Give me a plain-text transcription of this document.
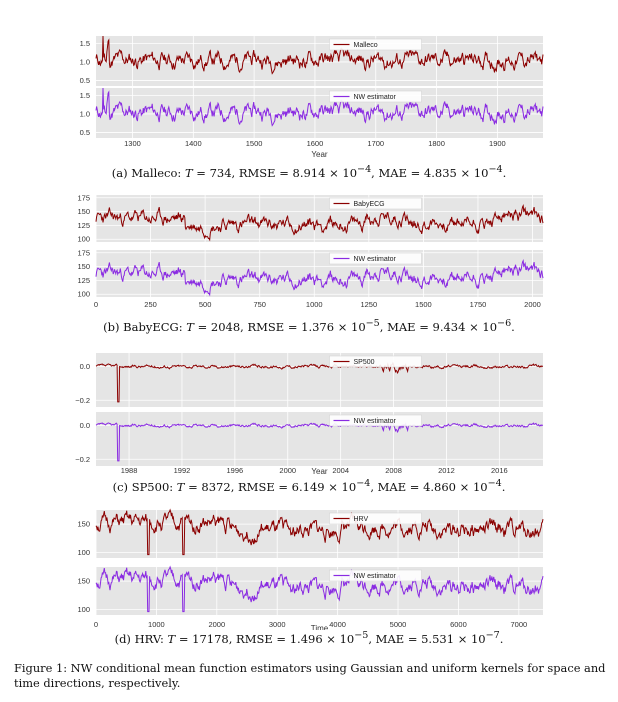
1.5
1.0
0.5
Malleco
1.5
1.0
0.5
NW estimator
1300	1400	1500	1600	1700	1800	1900
Year
(a) Malleco: T = 734, RMSE = $8.914 \times 10^{-4}$, MAE = $4.835 \times 10^{-4}$.
175
150
125
100
BabyECG
175
150
125
100
NW estimator
0	250	500	750	1000	1250	1500	1750	2000
(b) BabyECG: T = 2048, RMSE = $1.376 \times 10^{-5}$, MAE = $9.434 \times 10^{-6}$.
0.0
−0.2
SP500
0.0
−0.2
NW estimator
1988	1992	1996	2000	2004	2008	2012	2016
Year
(c) SP500: T = 8372, RMSE = $6.149 \times 10^{-4}$, MAE = $4.860 \times 10^{-4}$.
150
100
HRV
150
100
NW estimator
0	1000	2000	3000	4000	5000	6000	7000
Time
(d) HRV: T = 17178, RMSE = $1.496 \times 10^{-5}$, MAE = $5.531 \times 10^{-7}$.
Figure 1: NW conditional mean function estimators using Gaussian and uniform kernels for space and time directions, respectively.
